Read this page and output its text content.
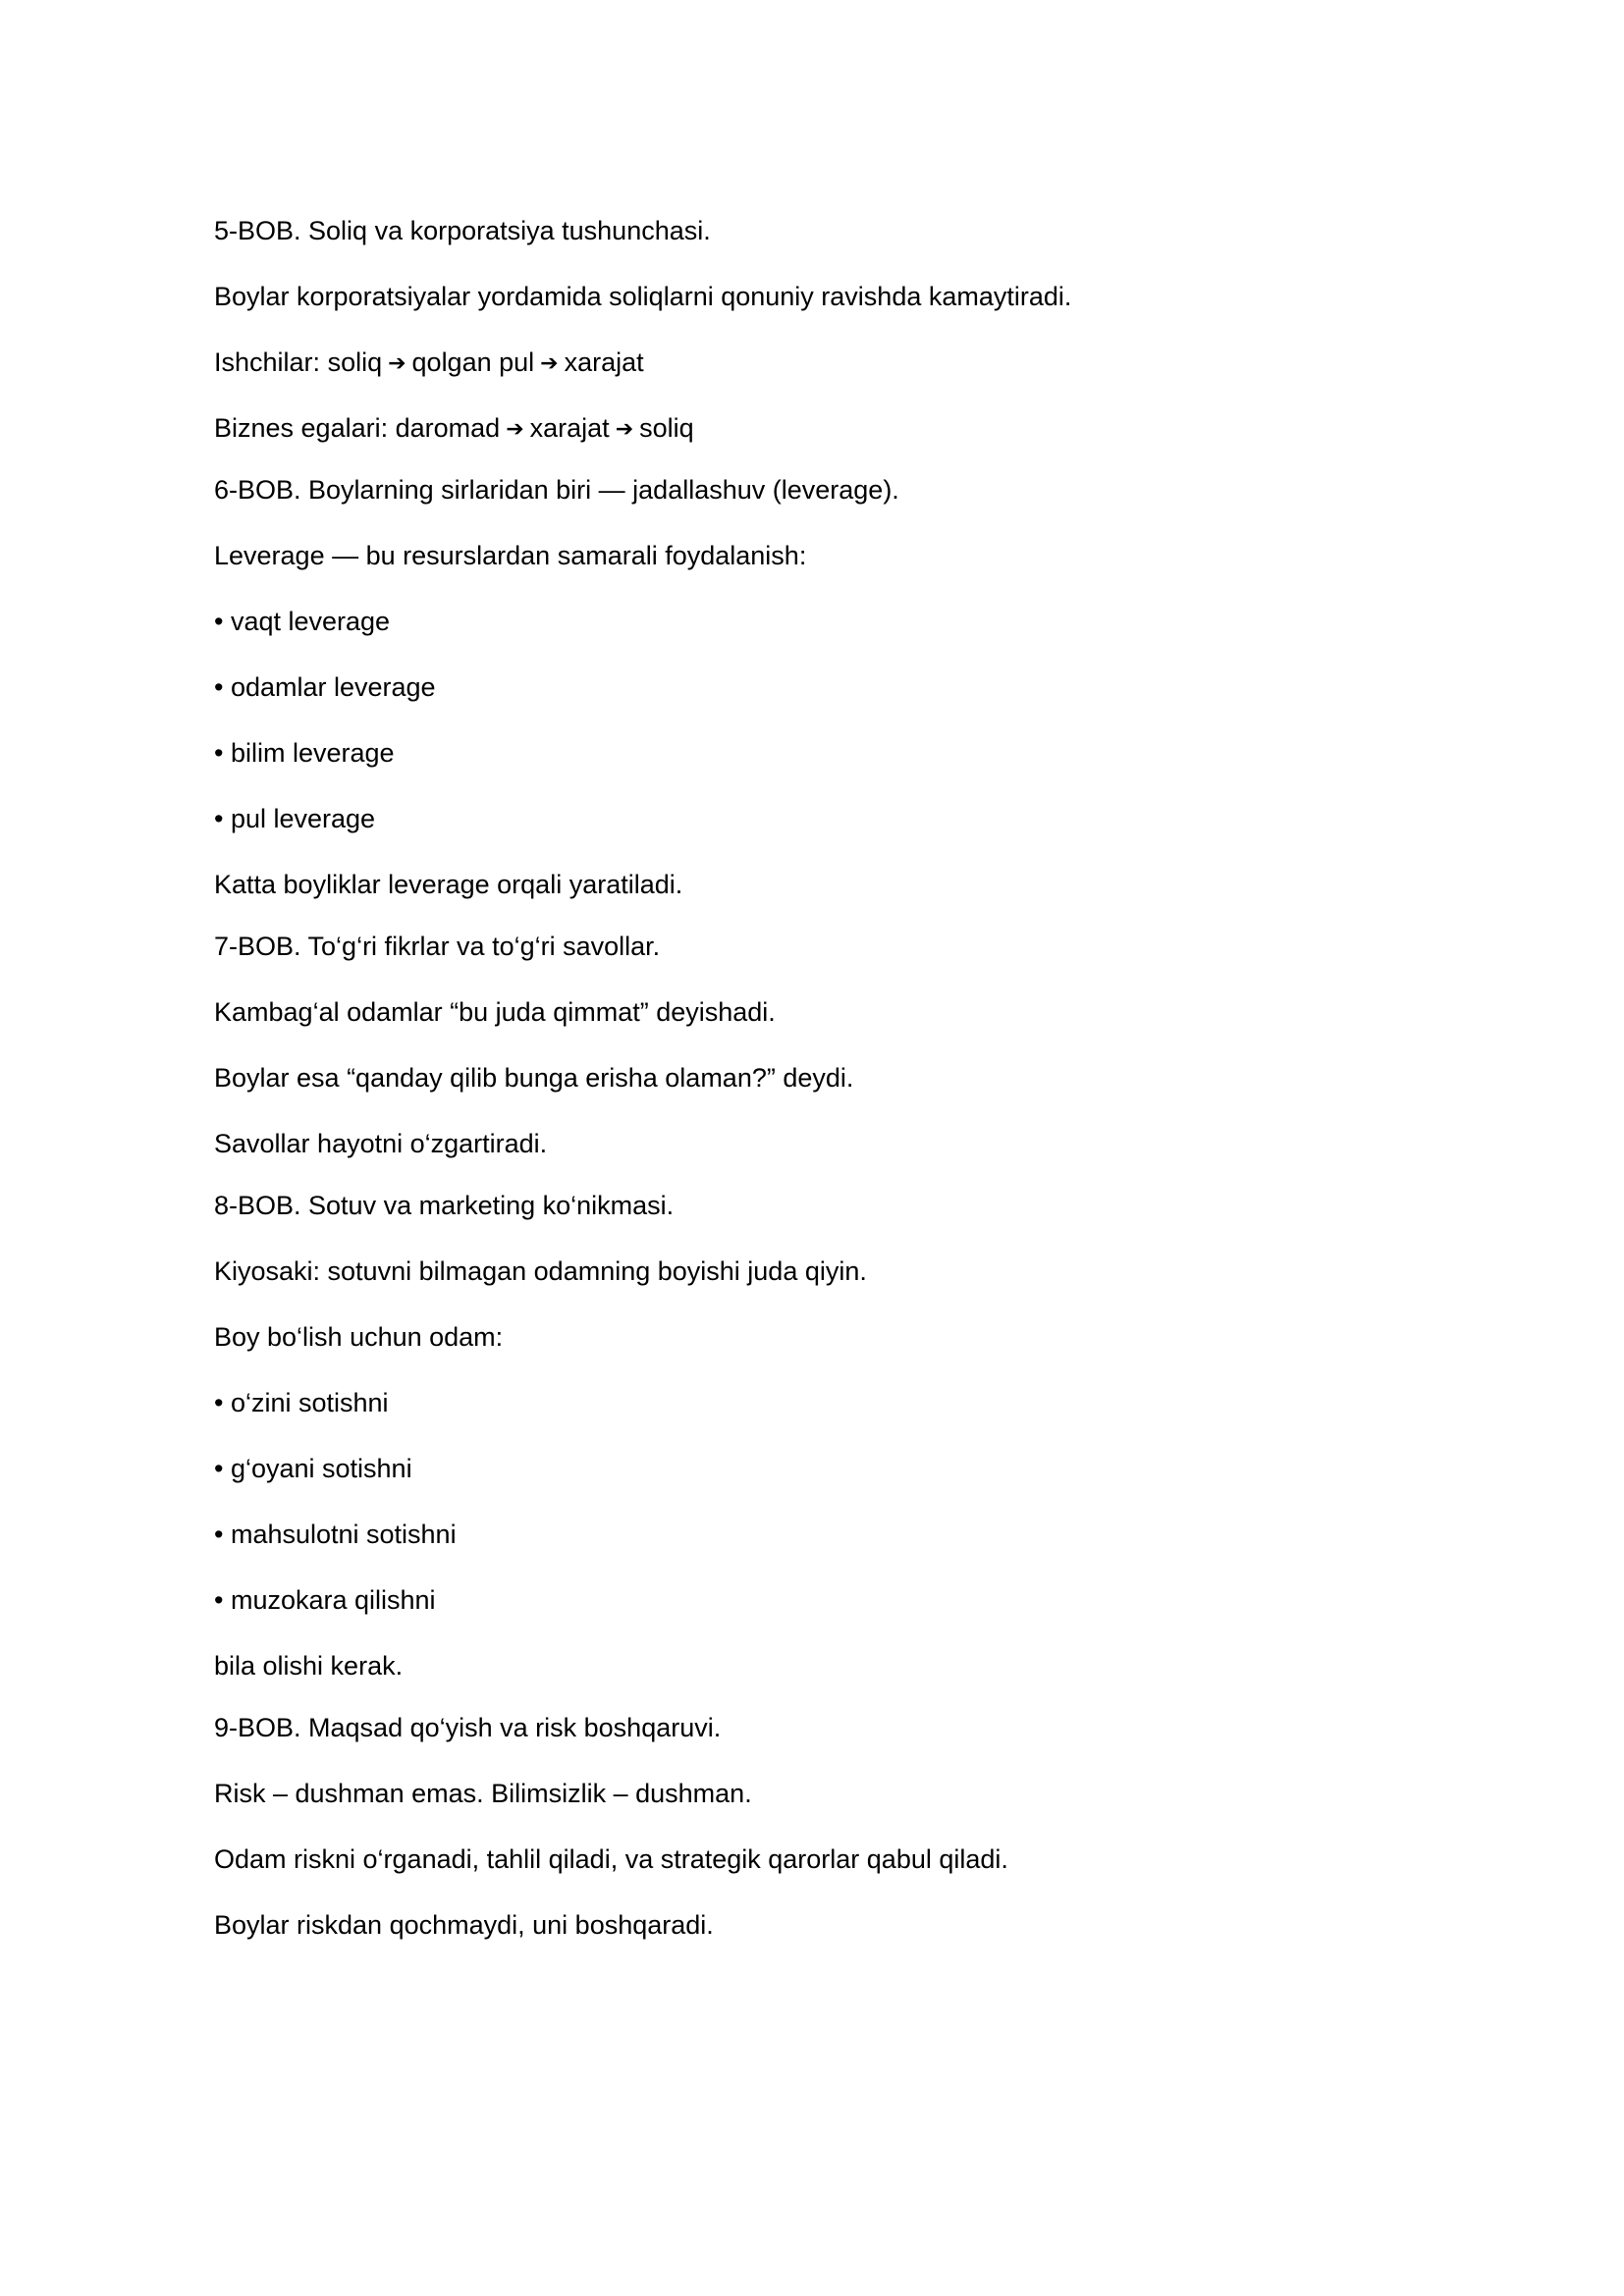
5-BOB. Soliq va korporatsiya tushunchasi.

Boylar korporatsiyalar yordamida soliqlarni qonuniy ravishda kamaytiradi.

Ishchilar: soliq ➔ qolgan pul ➔ xarajat

Biznes egalari: daromad ➔ xarajat ➔ soliq

6-BOB. Boylarning sirlaridan biri — jadallashuv (leverage).

Leverage — bu resurslardan samarali foydalanish:

• vaqt leverage

• odamlar leverage

• bilim leverage

• pul leverage

Katta boyliklar leverage orqali yaratiladi.

7-BOB. To‘g‘ri fikrlar va to‘g‘ri savollar.

Kambag‘al odamlar “bu juda qimmat” deyishadi.

Boylar esa “qanday qilib bunga erisha olaman?” deydi.

Savollar hayotni o‘zgartiradi.

8-BOB. Sotuv va marketing ko‘nikmasi.

Kiyosaki: sotuvni bilmagan odamning boyishi juda qiyin.

Boy bo‘lish uchun odam:

• o‘zini sotishni

• g‘oyani sotishni

• mahsulotni sotishni

• muzokara qilishni

bila olishi kerak.

9-BOB. Maqsad qo‘yish va risk boshqaruvi.

Risk – dushman emas. Bilimsizlik – dushman.

Odam riskni o‘rganadi, tahlil qiladi, va strategik qarorlar qabul qiladi.

Boylar riskdan qochmaydi, uni boshqaradi.
